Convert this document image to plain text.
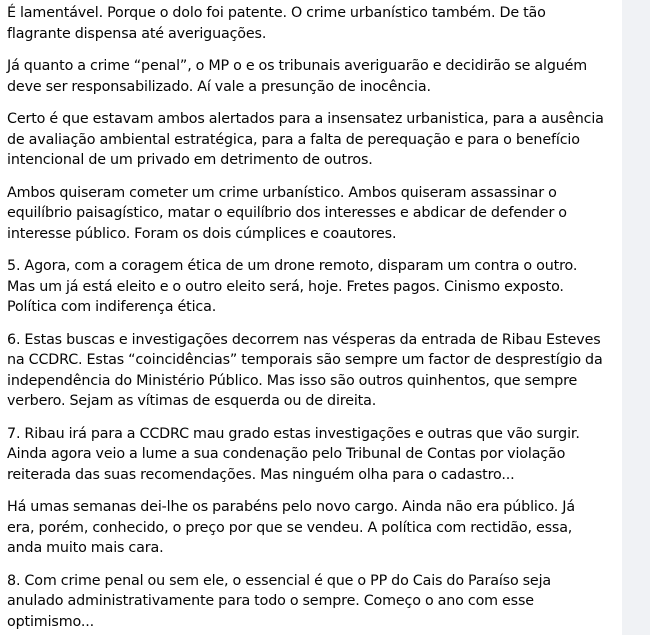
É lamentável. Porque o dolo foi patente. O crime urbanístico também. De tão
flagrante dispensa até averiguações.

Já quanto a crime “penal”, o MP o e os tribunais averiguarão e decidirão se alguém
deve ser responsabilizado. Aí vale a presunção de inocência.

Certo é que estavam ambos alertados para a insensatez urbanistica, para a ausência
de avaliação ambiental estratégica, para a falta de perequação e para o benefício
intencional de um privado em detrimento de outros.

Ambos quiseram cometer um crime urbanístico. Ambos quiseram assassinar o
equilíbrio paisagístico, matar o equilíbrio dos interesses e abdicar de defender o
interesse público. Foram os dois cúmplices e coautores.

5. Agora, com a coragem ética de um drone remoto, disparam um contra o outro.
Mas um já está eleito e o outro eleito será, hoje. Fretes pagos. Cinismo exposto.
Política com indiferença ética.

6. Estas buscas e investigações decorrem nas vésperas da entrada de Ribau Esteves
na CCDRC. Estas “coincidências” temporais são sempre um factor de desprestígio da
independência do Ministério Público. Mas isso são outros quinhentos, que sempre
verbero. Sejam as vítimas de esquerda ou de direita.

7. Ribau irá para a CCDRC mau grado estas investigações e outras que vão surgir.
Ainda agora veio a lume a sua condenação pelo Tribunal de Contas por violação
reiterada das suas recomendações. Mas ninguém olha para o cadastro...

Há umas semanas dei-lhe os parabéns pelo novo cargo. Ainda não era público. Já
era, porém, conhecido, o preço por que se vendeu. A política com rectidão, essa,
anda muito mais cara.

8. Com crime penal ou sem ele, o essencial é que o PP do Cais do Paraíso seja
anulado administrativamente para todo o sempre. Começo o ano com esse
optimismo...
